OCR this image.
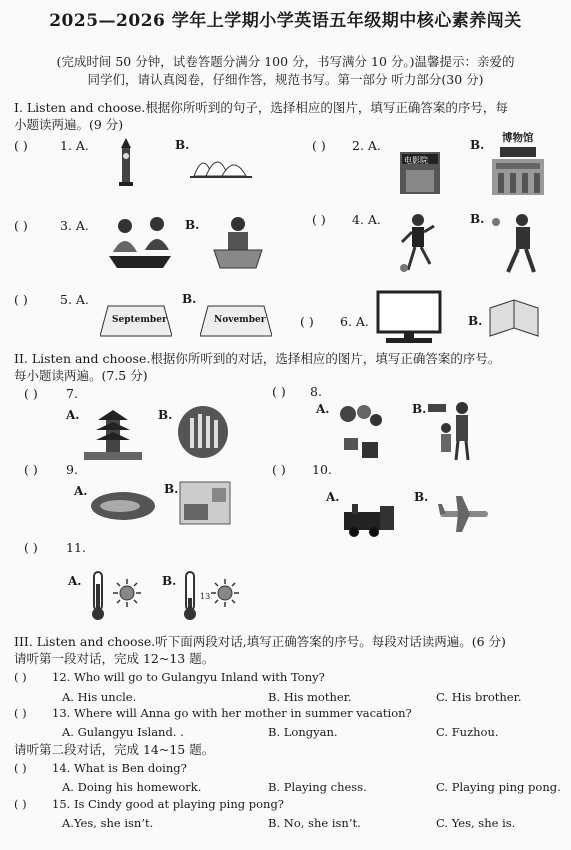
2025—2026 学年上学期小学英语五年级期中核心素养闯关
(完成时间 50 分钟，试卷答题分满分 100 分，书写满分 10 分。)温馨提示：亲爱的
同学们，请认真阅卷，仔细作答，规范书写。第一部分 听力部分(30 分)
I. Listen and choose.根据你所听到的句子，选择相应的图片，填写正确答案的序号，每
小题读两遍。(9 分)
( )	1. A.	B.	( ) 2. A.
电影院
B. 博物馆
( )	3. A.	B.	( ) 4. A.	B.
( )	5. A.
September
B.
November	( ) 6. A.	B.
II. Listen and choose.根据你所听到的对话，选择相应的图片，填写正确答案的序号。
每小题读两遍。(7.5 分)
( ) 7.
A.	B.
( ) 8.
A.	B.
( ) 9.
A.	B.
( ) 10.
A.	B.
( ) 11.
A.	B.
13
III. Listen and choose.听下面两段对话,填写正确答案的序号。每段对话读两遍。(6 分)
请听第一段对话，完成 12~13 题。
( ) 12. Who will go to Gulangyu Inland with Tony?
A. His uncle.	B. His mother.	C. His brother.
( ) 13. Where will Anna go with her mother in summer vacation?
A. Gulangyu Island. .	B. Longyan.	C. Fuzhou.
请听第二段对话，完成 14~15 题。
( ) 14. What is Ben doing?
A. Doing his homework.	B. Playing chess.	C. Playing ping pong.
( ) 15. Is Cindy good at playing ping pong?
A.Yes, she isn’t.	B. No, she isn’t.	C. Yes, she is.
